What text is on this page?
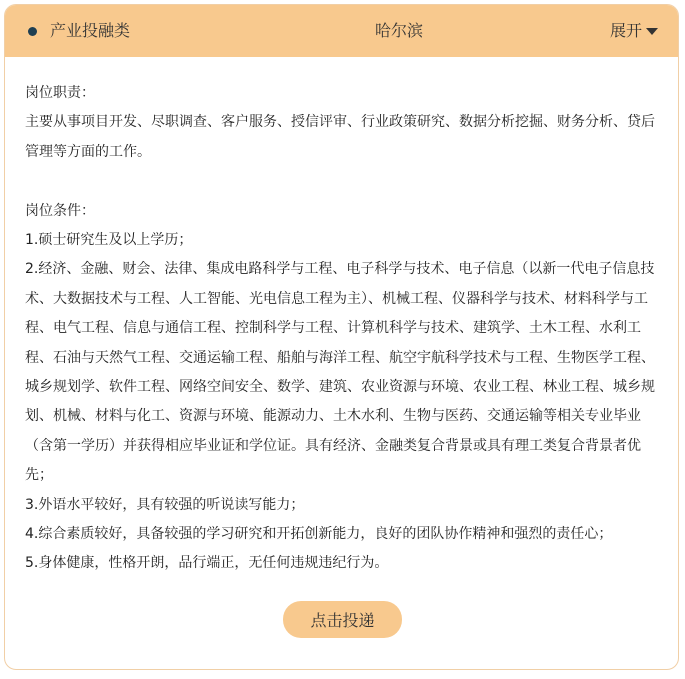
产业投融类	哈尔滨	展开

岗位职责：

主要从事项目开发、尽职调查、客户服务、授信评审、行业政策研究、数据分析挖掘、财务分析、贷后管理等方面的工作。

岗位条件：

1.硕士研究生及以上学历；

2.经济、金融、财会、法律、集成电路科学与工程、电子科学与技术、电子信息（以新一代电子信息技术、大数据技术与工程、人工智能、光电信息工程为主）、机械工程、仪器科学与技术、材料科学与工程、电气工程、信息与通信工程、控制科学与工程、计算机科学与技术、建筑学、土木工程、水利工程、石油与天然气工程、交通运输工程、船舶与海洋工程、航空宇航科学技术与工程、生物医学工程、城乡规划学、软件工程、网络空间安全、数学、建筑、农业资源与环境、农业工程、林业工程、城乡规划、机械、材料与化工、资源与环境、能源动力、土木水利、生物与医药、交通运输等相关专业毕业（含第一学历）并获得相应毕业证和学位证。具有经济、金融类复合背景或具有理工类复合背景者优先；

3.外语水平较好，具有较强的听说读写能力；

4.综合素质较好，具备较强的学习研究和开拓创新能力，良好的团队协作精神和强烈的责任心；

5.身体健康，性格开朗，品行端正，无任何违规违纪行为。

点击投递
